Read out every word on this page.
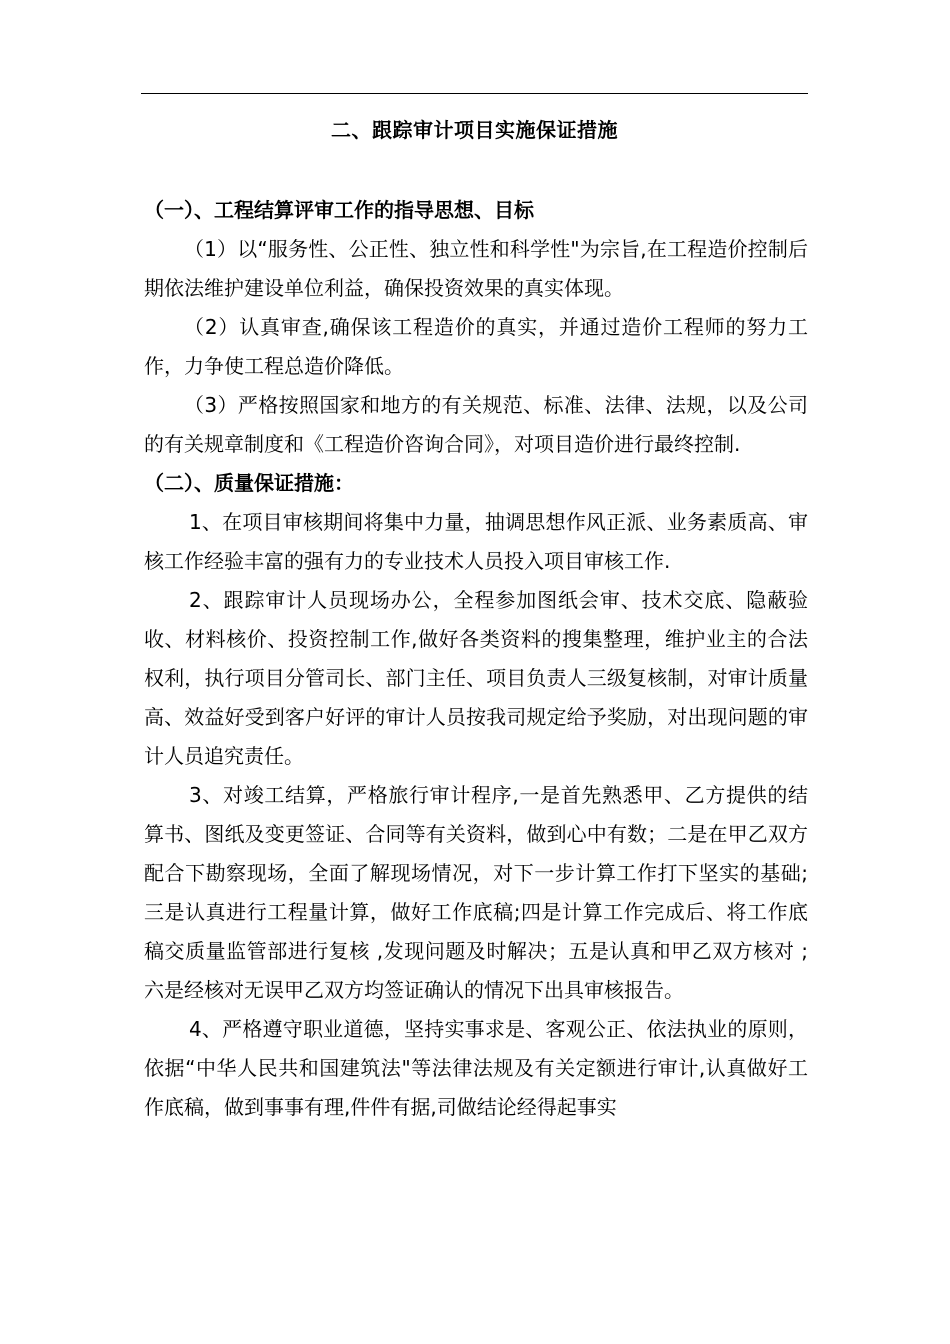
二、跟踪审计项目实施保证措施

（一）、工程结算评审工作的指导思想、目标

（1）以“服务性、公正性、独立性和科学性"为宗旨,在工程造价控制后期依法维护建设单位利益，确保投资效果的真实体现。

（2）认真审查,确保该工程造价的真实，并通过造价工程师的努力工作，力争使工程总造价降低。

（3）严格按照国家和地方的有关规范、标准、法律、法规，以及公司的有关规章制度和《工程造价咨询合同》，对项目造价进行最终控制.

（二）、质量保证措施：

1、在项目审核期间将集中力量，抽调思想作风正派、业务素质高、审核工作经验丰富的强有力的专业技术人员投入项目审核工作.

2、跟踪审计人员现场办公，全程参加图纸会审、技术交底、隐蔽验收、材料核价、投资控制工作,做好各类资料的搜集整理，维护业主的合法权利，执行项目分管司长、部门主任、项目负责人三级复核制，对审计质量高、效益好受到客户好评的审计人员按我司规定给予奖励，对出现问题的审计人员追究责任。

3、对竣工结算，严格旅行审计程序,一是首先熟悉甲、乙方提供的结算书、图纸及变更签证、合同等有关资料，做到心中有数；二是在甲乙双方配合下勘察现场，全面了解现场情况，对下一步计算工作打下坚实的基础;三是认真进行工程量计算，做好工作底稿;四是计算工作完成后、将工作底稿交质量监管部进行复核 ,发现问题及时解决；五是认真和甲乙双方核对 ;六是经核对无误甲乙双方均签证确认的情况下出具审核报告。

4、严格遵守职业道德，坚持实事求是、客观公正、依法执业的原则，依据“中华人民共和国建筑法"等法律法规及有关定额进行审计,认真做好工作底稿，做到事事有理,件件有据,司做结论经得起事实
